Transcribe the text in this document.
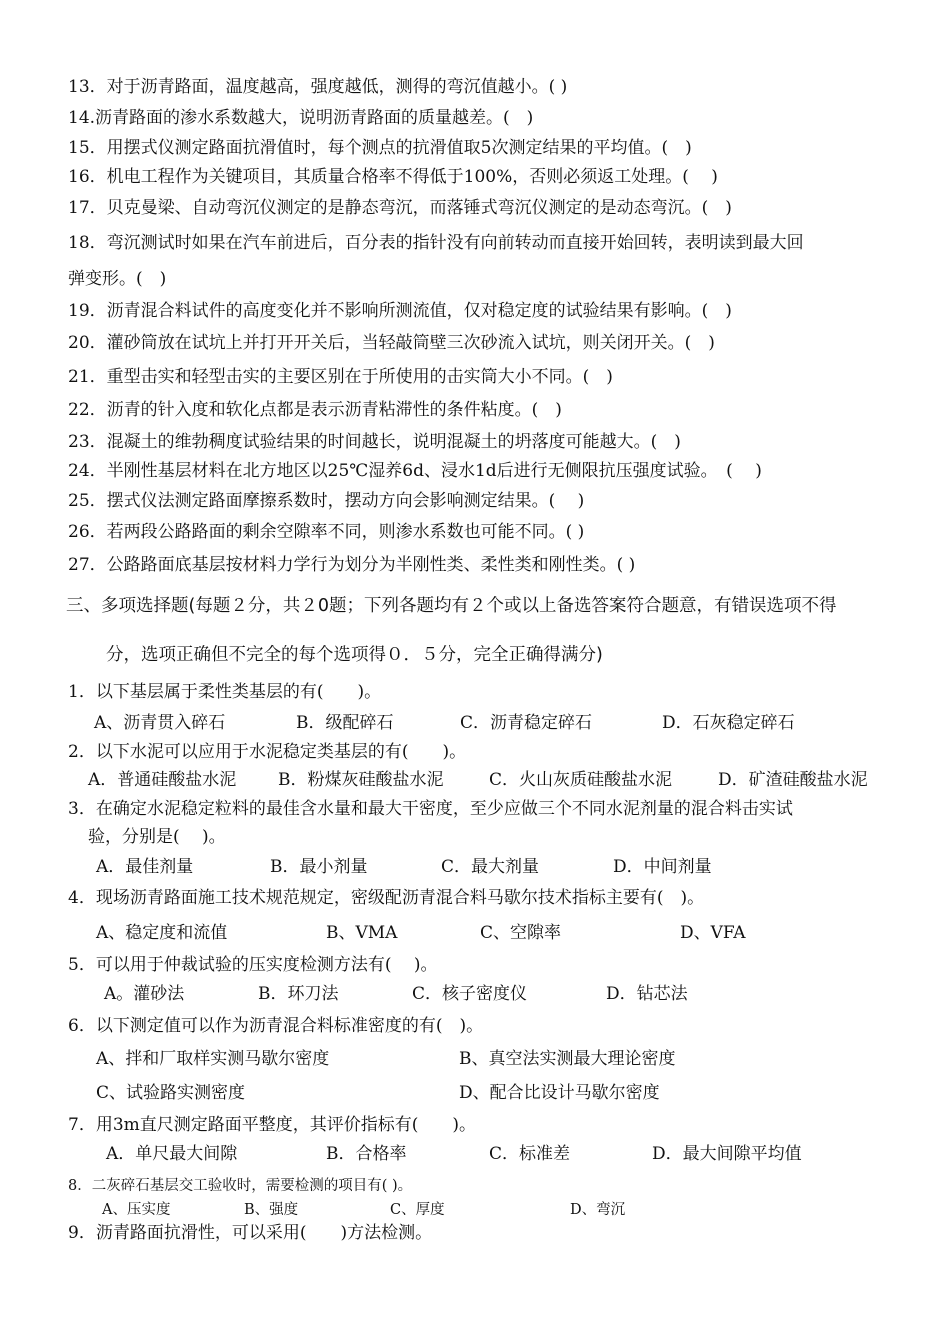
13．对于沥青路面，温度越高，强度越低，测得的弯沉值越小。( )
14.沥青路面的渗水系数越大，说明沥青路面的质量越差。(　)
15．用摆式仪测定路面抗滑值时，每个测点的抗滑值取5次测定结果的平均值。(　)
16．机电工程作为关键项目，其质量合格率不得低于100%，否则必须返工处理。(　 )
17．贝克曼梁、自动弯沉仪测定的是静态弯沉，而落锤式弯沉仪测定的是动态弯沉。(　)
18．弯沉测试时如果在汽车前进后，百分表的指针没有向前转动而直接开始回转，表明读到最大回
弹变形。(　)
19．沥青混合料试件的高度变化并不影响所测流值，仅对稳定度的试验结果有影响。(　)
20．灌砂筒放在试坑上并打开开关后，当轻敲筒壁三次砂流入试坑，则关闭开关。(　)
21．重型击实和轻型击实的主要区别在于所使用的击实筒大小不同。(　)
22．沥青的针入度和软化点都是表示沥青粘滞性的条件粘度。(　)
23．混凝土的维勃稠度试验结果的时间越长，说明混凝土的坍落度可能越大。(　)
24．半刚性基层材料在北方地区以25℃湿养6d、浸水1d后进行无侧限抗压强度试验。　(　 )
25．摆式仪法测定路面摩擦系数时，摆动方向会影响测定结果。(　 )
26．若两段公路路面的剩余空隙率不同，则渗水系数也可能不同。( )
27．公路路面底基层按材料力学行为划分为半刚性类、柔性类和刚性类。( )
三、多项选择题(每题２分，共２0题；下列各题均有２个或以上备选答案符合题意，有错误选项不得
分，选项正确但不完全的每个选项得０．５分，完全正确得满分)
1．以下基层属于柔性类基层的有(　　)。
A、沥青贯入碎石	B．级配碎石	C．沥青稳定碎石	D．石灰稳定碎石
2．以下水泥可以应用于水泥稳定类基层的有(　　)。
A．普通硅酸盐水泥 B．粉煤灰硅酸盐水泥	C．火山灰质硅酸盐水泥	D．矿渣硅酸盐水泥
3．在确定水泥稳定粒料的最佳含水量和最大干密度，至少应做三个不同水泥剂量的混合料击实试
验，分别是(　 )。
A．最佳剂量	B．最小剂量	C．最大剂量	D．中间剂量
4．现场沥青路面施工技术规范规定，密级配沥青混合料马歇尔技术指标主要有(　)。
A、稳定度和流值	B、VMA	C、空隙率	D、VFA
5．可以用于仲裁试验的压实度检测方法有(　 )。
A。灌砂法	B．环刀法	C．核子密度仪	D．钻芯法
6．以下测定值可以作为沥青混合料标准密度的有(　)。
A、拌和厂取样实测马歇尔密度	B、真空法实测最大理论密度
C、试验路实测密度	D、配合比设计马歇尔密度
7．用3m直尺测定路面平整度，其评价指标有(　　)。
A．单尺最大间隙	B．合格率	C．标准差	D．最大间隙平均值
8．二灰碎石基层交工验收时，需要检测的项目有( )。
A、压实度	B、强度	C、厚度	D、弯沉
9．沥青路面抗滑性，可以采用(　　)方法检测。
